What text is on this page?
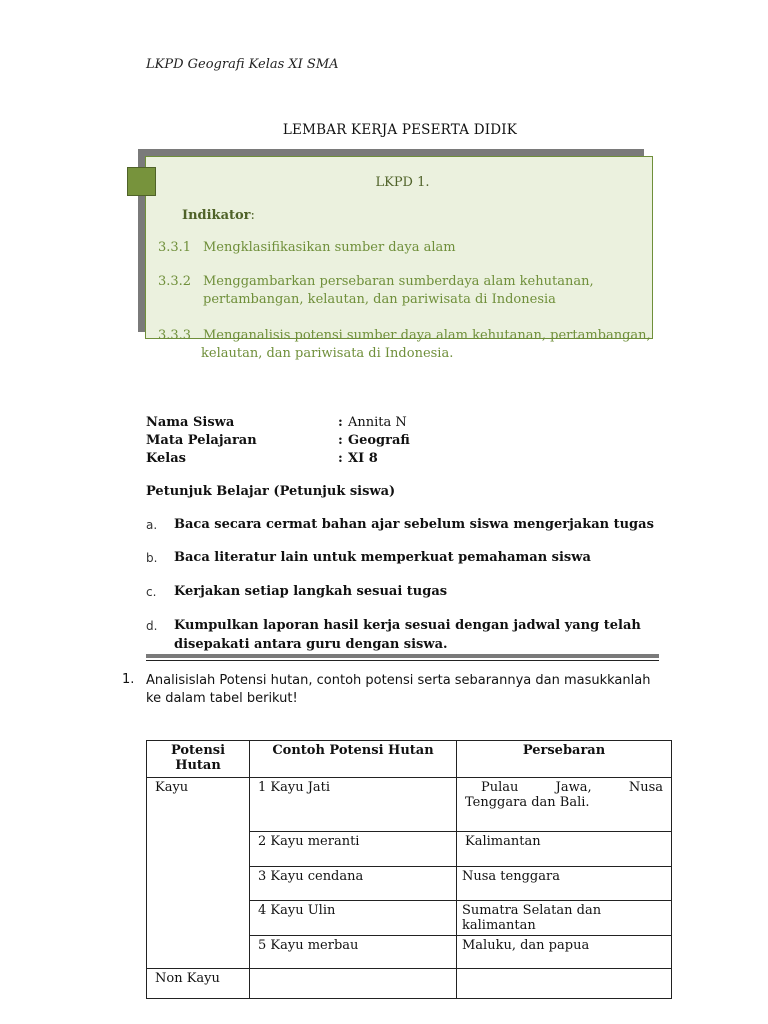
LKPD Geografi Kelas XI SMA
LEMBAR KERJA PESERTA DIDIK
LKPD 1.
Indikator:
3.3.1 Mengklasifikasikan sumber daya alam
3.3.2 Menggambarkan persebaran sumberdaya alam kehutanan,
pertambangan, kelautan, dan pariwisata di Indonesia
3.3.3 Menganalisis potensi sumber daya alam kehutanan, pertambangan,
kelautan, dan pariwisata di Indonesia.
Nama Siswa	: Annita N
Mata Pelajaran	: Geografi
Kelas	: XI 8
Petunjuk Belajar (Petunjuk siswa)
a. Baca secara cermat bahan ajar sebelum siswa mengerjakan tugas
b. Baca literatur lain untuk memperkuat pemahaman siswa
c. Kerjakan setiap langkah sesuai tugas
d. Kumpulkan laporan hasil kerja sesuai dengan jadwal yang telah
disepakati antara guru dengan siswa.
1. Analisislah Potensi hutan, contoh potensi serta sebarannya dan masukkanlah ke dalam tabel berikut!
Potensi Hutan	Contoh Potensi Hutan	Persebaran
Kayu	1 Kayu Jati	Pulau Jawa, Nusa Tenggara dan Bali.
	2 Kayu meranti	Kalimantan
	3 Kayu cendana	Nusa tenggara
	4 Kayu Ulin	Sumatra Selatan dan kalimantan
	5 Kayu merbau	Maluku, dan papua
Non Kayu		
